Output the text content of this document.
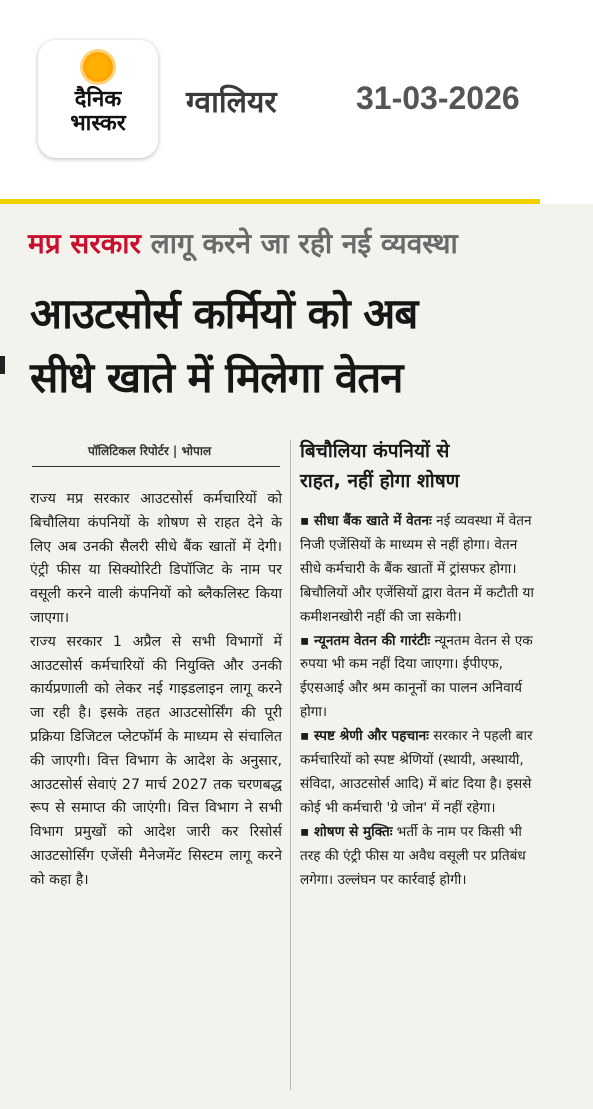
दैनिक
भास्कर
ग्वालियर 31-03-2026
मप्र सरकार लागू करने जा रही नई व्यवस्था
आउटसोर्स कर्मियों को अब
सीधे खाते में मिलेगा वेतन
पॉलिटिकल रिपोर्टर | भोपाल

राज्य मप्र सरकार आउटसोर्स कर्मचारियों को बिचौलिया कंपनियों के शोषण से राहत देने के लिए अब उनकी सैलरी सीधे बैंक खातों में देगी। एंट्री फीस या सिक्योरिटी डिपॉजिट के नाम पर वसूली करने वाली कंपनियों को ब्लैकलिस्ट किया जाएगा।

राज्य सरकार 1 अप्रैल से सभी विभागों में आउटसोर्स कर्मचारियों की नियुक्ति और उनकी कार्यप्रणाली को लेकर नई गाइडलाइन लागू करने जा रही है। इसके तहत आउटसोर्सिंग की पूरी प्रक्रिया डिजिटल प्लेटफॉर्म के माध्यम से संचालित की जाएगी। वित्त विभाग के आदेश के अनुसार, आउटसोर्स सेवाएं 27 मार्च 2027 तक चरणबद्ध रूप से समाप्त की जाएंगी। वित्त विभाग ने सभी विभाग प्रमुखों को आदेश जारी कर रिसोर्स आउटसोर्सिंग एजेंसी मैनेजमेंट सिस्टम लागू करने को कहा है।

बिचौलिया कंपनियों से
राहत, नहीं होगा शोषण

▪ सीधा बैंक खाते में वेतनः नई व्यवस्था में वेतन निजी एजेंसियों के माध्यम से नहीं होगा। वेतन सीधे कर्मचारी के बैंक खातों में ट्रांसफर होगा। बिचौलियों और एजेंसियों द्वारा वेतन में कटौती या कमीशनखोरी नहीं की जा सकेगी।

▪ न्यूनतम वेतन की गारंटीः न्यूनतम वेतन से एक रुपया भी कम नहीं दिया जाएगा। ईपीएफ, ईएसआई और श्रम कानूनों का पालन अनिवार्य होगा।

▪ स्पष्ट श्रेणी और पहचानः सरकार ने पहली बार कर्मचारियों को स्पष्ट श्रेणियों (स्थायी, अस्थायी, संविदा, आउटसोर्स आदि) में बांट दिया है। इससे कोई भी कर्मचारी 'ग्रे जोन' में नहीं रहेगा।

▪ शोषण से मुक्तिः भर्ती के नाम पर किसी भी तरह की एंट्री फीस या अवैध वसूली पर प्रतिबंध लगेगा। उल्लंघन पर कार्रवाई होगी।
